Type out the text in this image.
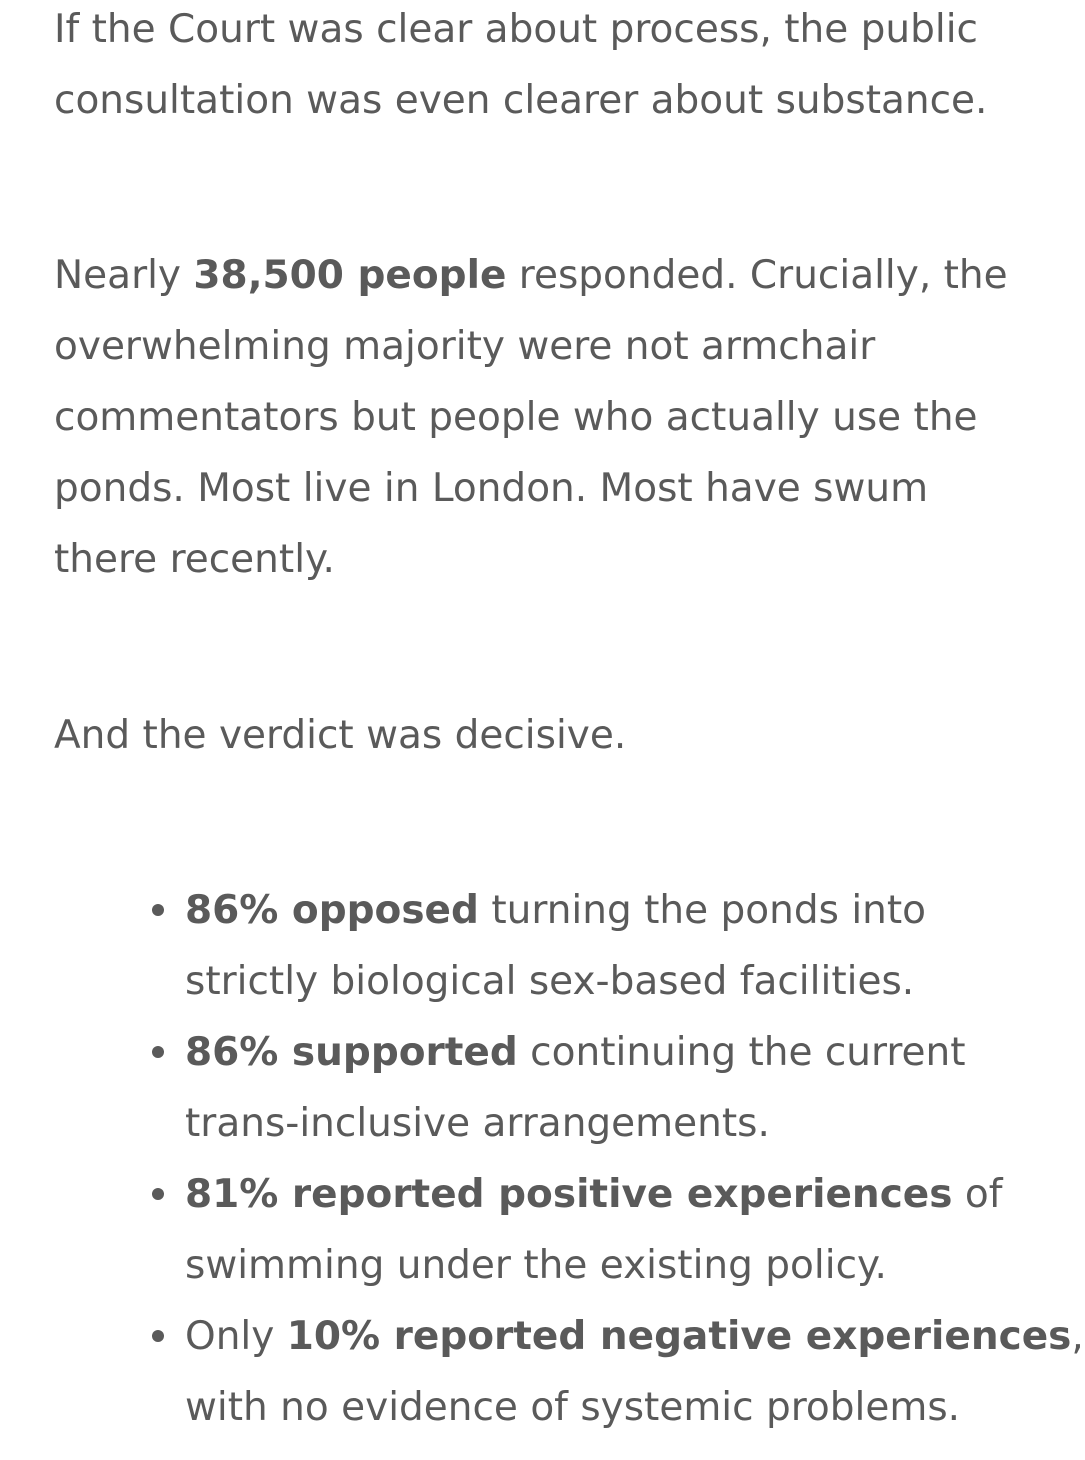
If the Court was clear about process, the public
consultation was even clearer about substance.

Nearly 38,500 people responded. Crucially, the
overwhelming majority were not armchair
commentators but people who actually use the
ponds. Most live in London. Most have swum
there recently.

And the verdict was decisive.

86% opposed turning the ponds into
strictly biological sex-based facilities.
86% supported continuing the current
trans-inclusive arrangements.
81% reported positive experiences of
swimming under the existing policy.
Only 10% reported negative experiences,
with no evidence of systemic problems.
